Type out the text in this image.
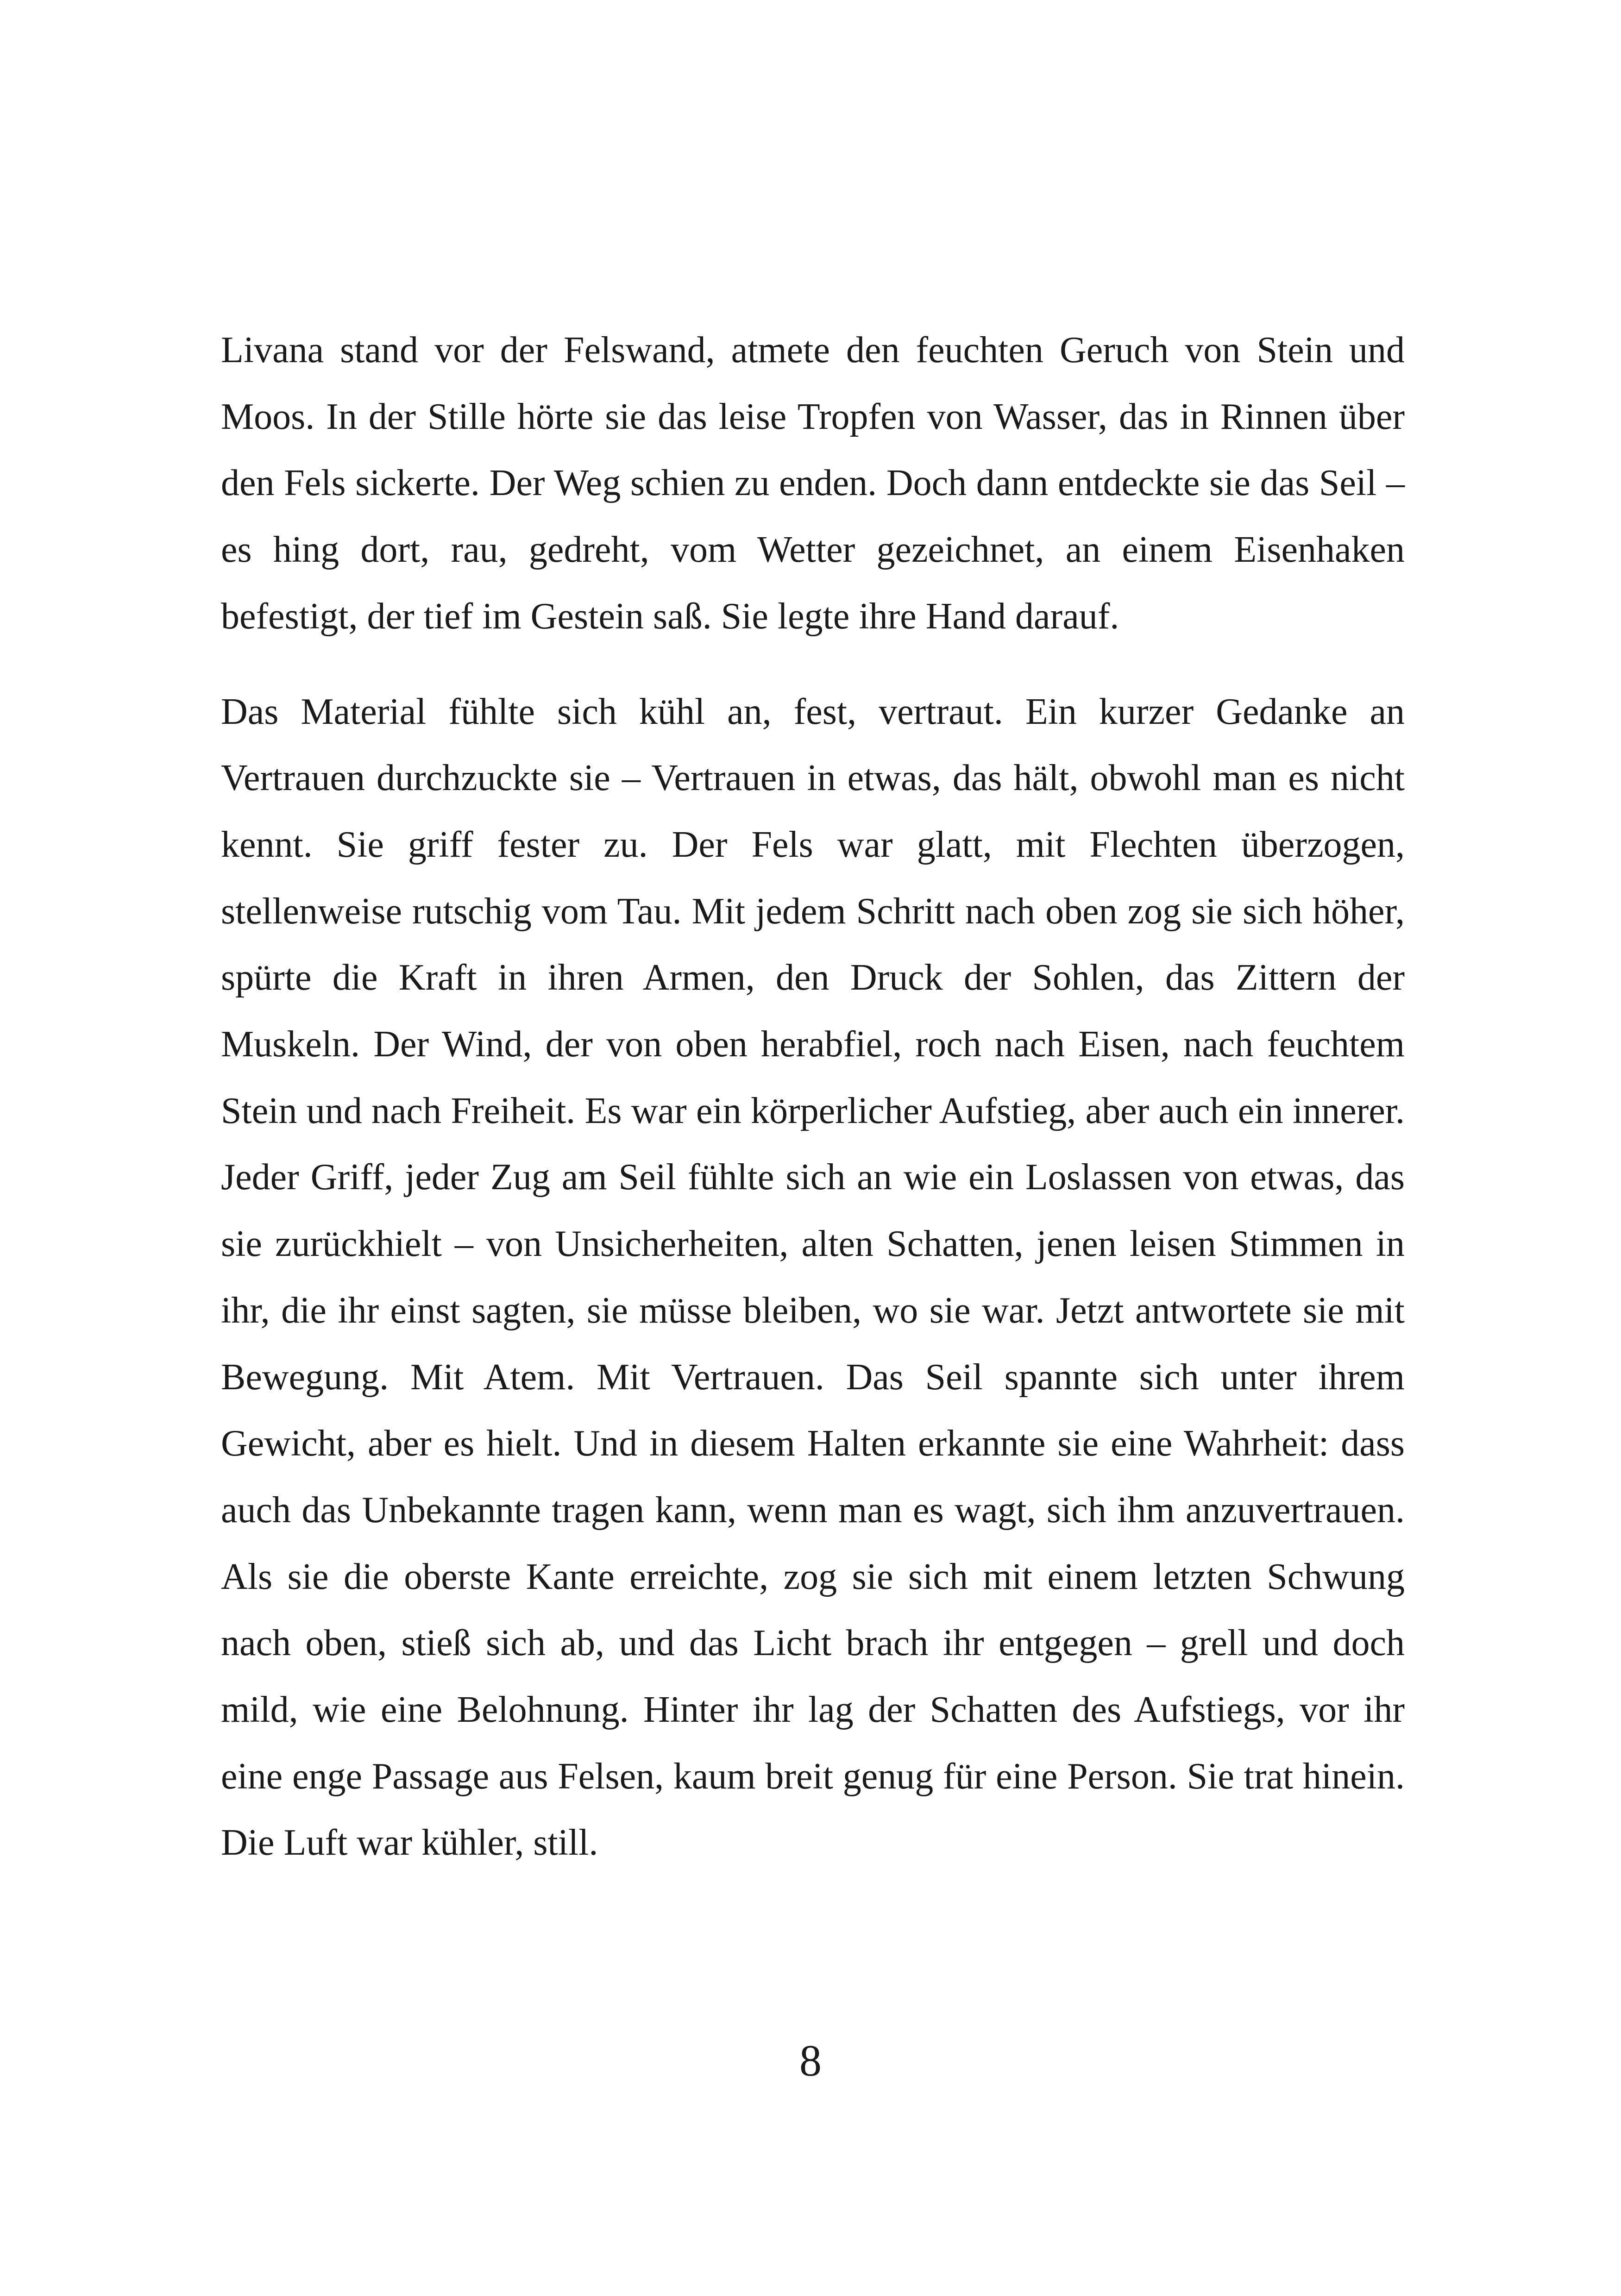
Livana stand vor der Felswand, atmete den feuchten Geruch von Stein und Moos. In der Stille hörte sie das leise Tropfen von Wasser, das in Rinnen über den Fels sickerte. Der Weg schien zu enden. Doch dann entdeckte sie das Seil – es hing dort, rau, gedreht, vom Wetter gezeichnet, an einem Eisenhaken befestigt, der tief im Gestein saß. Sie legte ihre Hand darauf.

Das Material fühlte sich kühl an, fest, vertraut. Ein kurzer Gedanke an Vertrauen durchzuckte sie – Vertrauen in etwas, das hält, obwohl man es nicht kennt. Sie griff fester zu. Der Fels war glatt, mit Flechten überzogen, stellenweise rutschig vom Tau. Mit jedem Schritt nach oben zog sie sich höher, spürte die Kraft in ihren Armen, den Druck der Sohlen, das Zittern der Muskeln. Der Wind, der von oben herabfiel, roch nach Eisen, nach feuchtem Stein und nach Freiheit. Es war ein körperlicher Aufstieg, aber auch ein innerer. Jeder Griff, jeder Zug am Seil fühlte sich an wie ein Loslassen von etwas, das sie zurückhielt – von Unsicherheiten, alten Schatten, jenen leisen Stimmen in ihr, die ihr einst sagten, sie müsse bleiben, wo sie war. Jetzt antwortete sie mit Bewegung. Mit Atem. Mit Vertrauen. Das Seil spannte sich unter ihrem Gewicht, aber es hielt. Und in diesem Halten erkannte sie eine Wahrheit: dass auch das Unbekannte tragen kann, wenn man es wagt, sich ihm anzuvertrauen. Als sie die oberste Kante erreichte, zog sie sich mit einem letzten Schwung nach oben, stieß sich ab, und das Licht brach ihr entgegen – grell und doch mild, wie eine Belohnung. Hinter ihr lag der Schatten des Aufstiegs, vor ihr eine enge Passage aus Felsen, kaum breit genug für eine Person. Sie trat hinein. Die Luft war kühler, still.

8
